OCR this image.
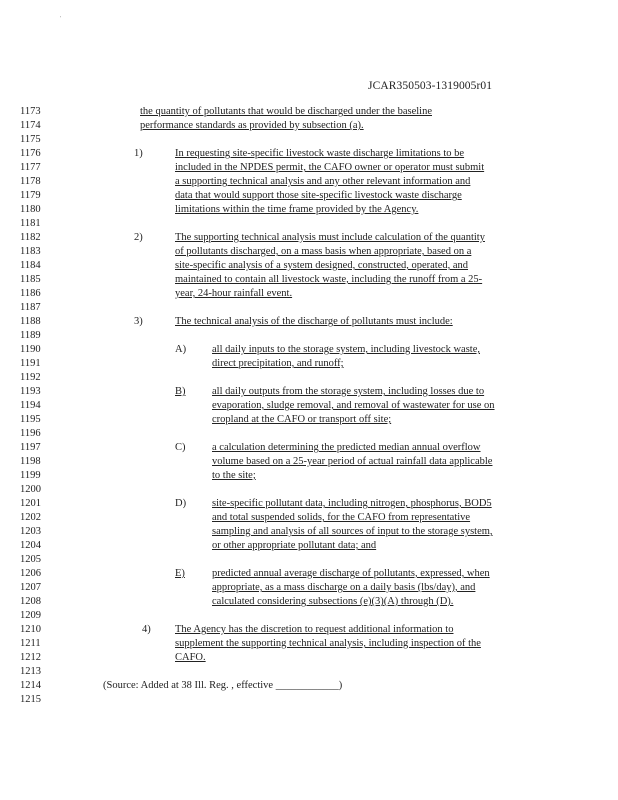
'
JCAR350503-1319005r01
1173
1174
1175
1176
1177
1178
1179
1180
1181
1182
1183
1184
1185
1186
1187
1188
1189
1190
1191
1192
1193
1194
1195
1196
1197
1198
1199
1200
1201
1202
1203
1204
1205
1206
1207
1208
1209
1210
1211
1212
1213
1214
1215
the quantity of pollutants that would be discharged under the baseline
performance standards as provided by subsection (a).
1)	In requesting site-specific livestock waste discharge limitations to be
included in the NPDES permit, the CAFO owner or operator must submit
a supporting technical analysis and any other relevant information and
data that would support those site-specific livestock waste discharge
limitations within the time frame provided by the Agency.
2)	The supporting technical analysis must include calculation of the quantity
of pollutants discharged, on a mass basis when appropriate, based on a
site-specific analysis of a system designed, constructed, operated, and
maintained to contain all livestock waste, including the runoff from a 25-
year, 24-hour rainfall event.
3)	The technical analysis of the discharge of pollutants must include:
A) all daily inputs to the storage system, including livestock waste,
direct precipitation, and runoff;
B)	all daily outputs from the storage system, including losses due to
evaporation, sludge removal, and removal of wastewater for use on
cropland at the CAFO or transport off site;
C)	a calculation determining the predicted median annual overflow
volume based on a 25-year period of actual rainfall data applicable
to the site;
D) site-specific pollutant data, including nitrogen, phosphorus, BOD5
and total suspended solids, for the CAFO from representative
sampling and analysis of all sources of input to the storage system,
or other appropriate pollutant data; and
E)	predicted annual average discharge of pollutants, expressed, when
appropriate, as a mass discharge on a daily basis (lbs/day), and
calculated considering subsections (e)(3)(A) through (D).
4) The Agency has the discretion to request additional information to
supplement the supporting technical analysis, including inspection of the
CAFO.
(Source: Added at 38 Ill. Reg. , effective ____________)
